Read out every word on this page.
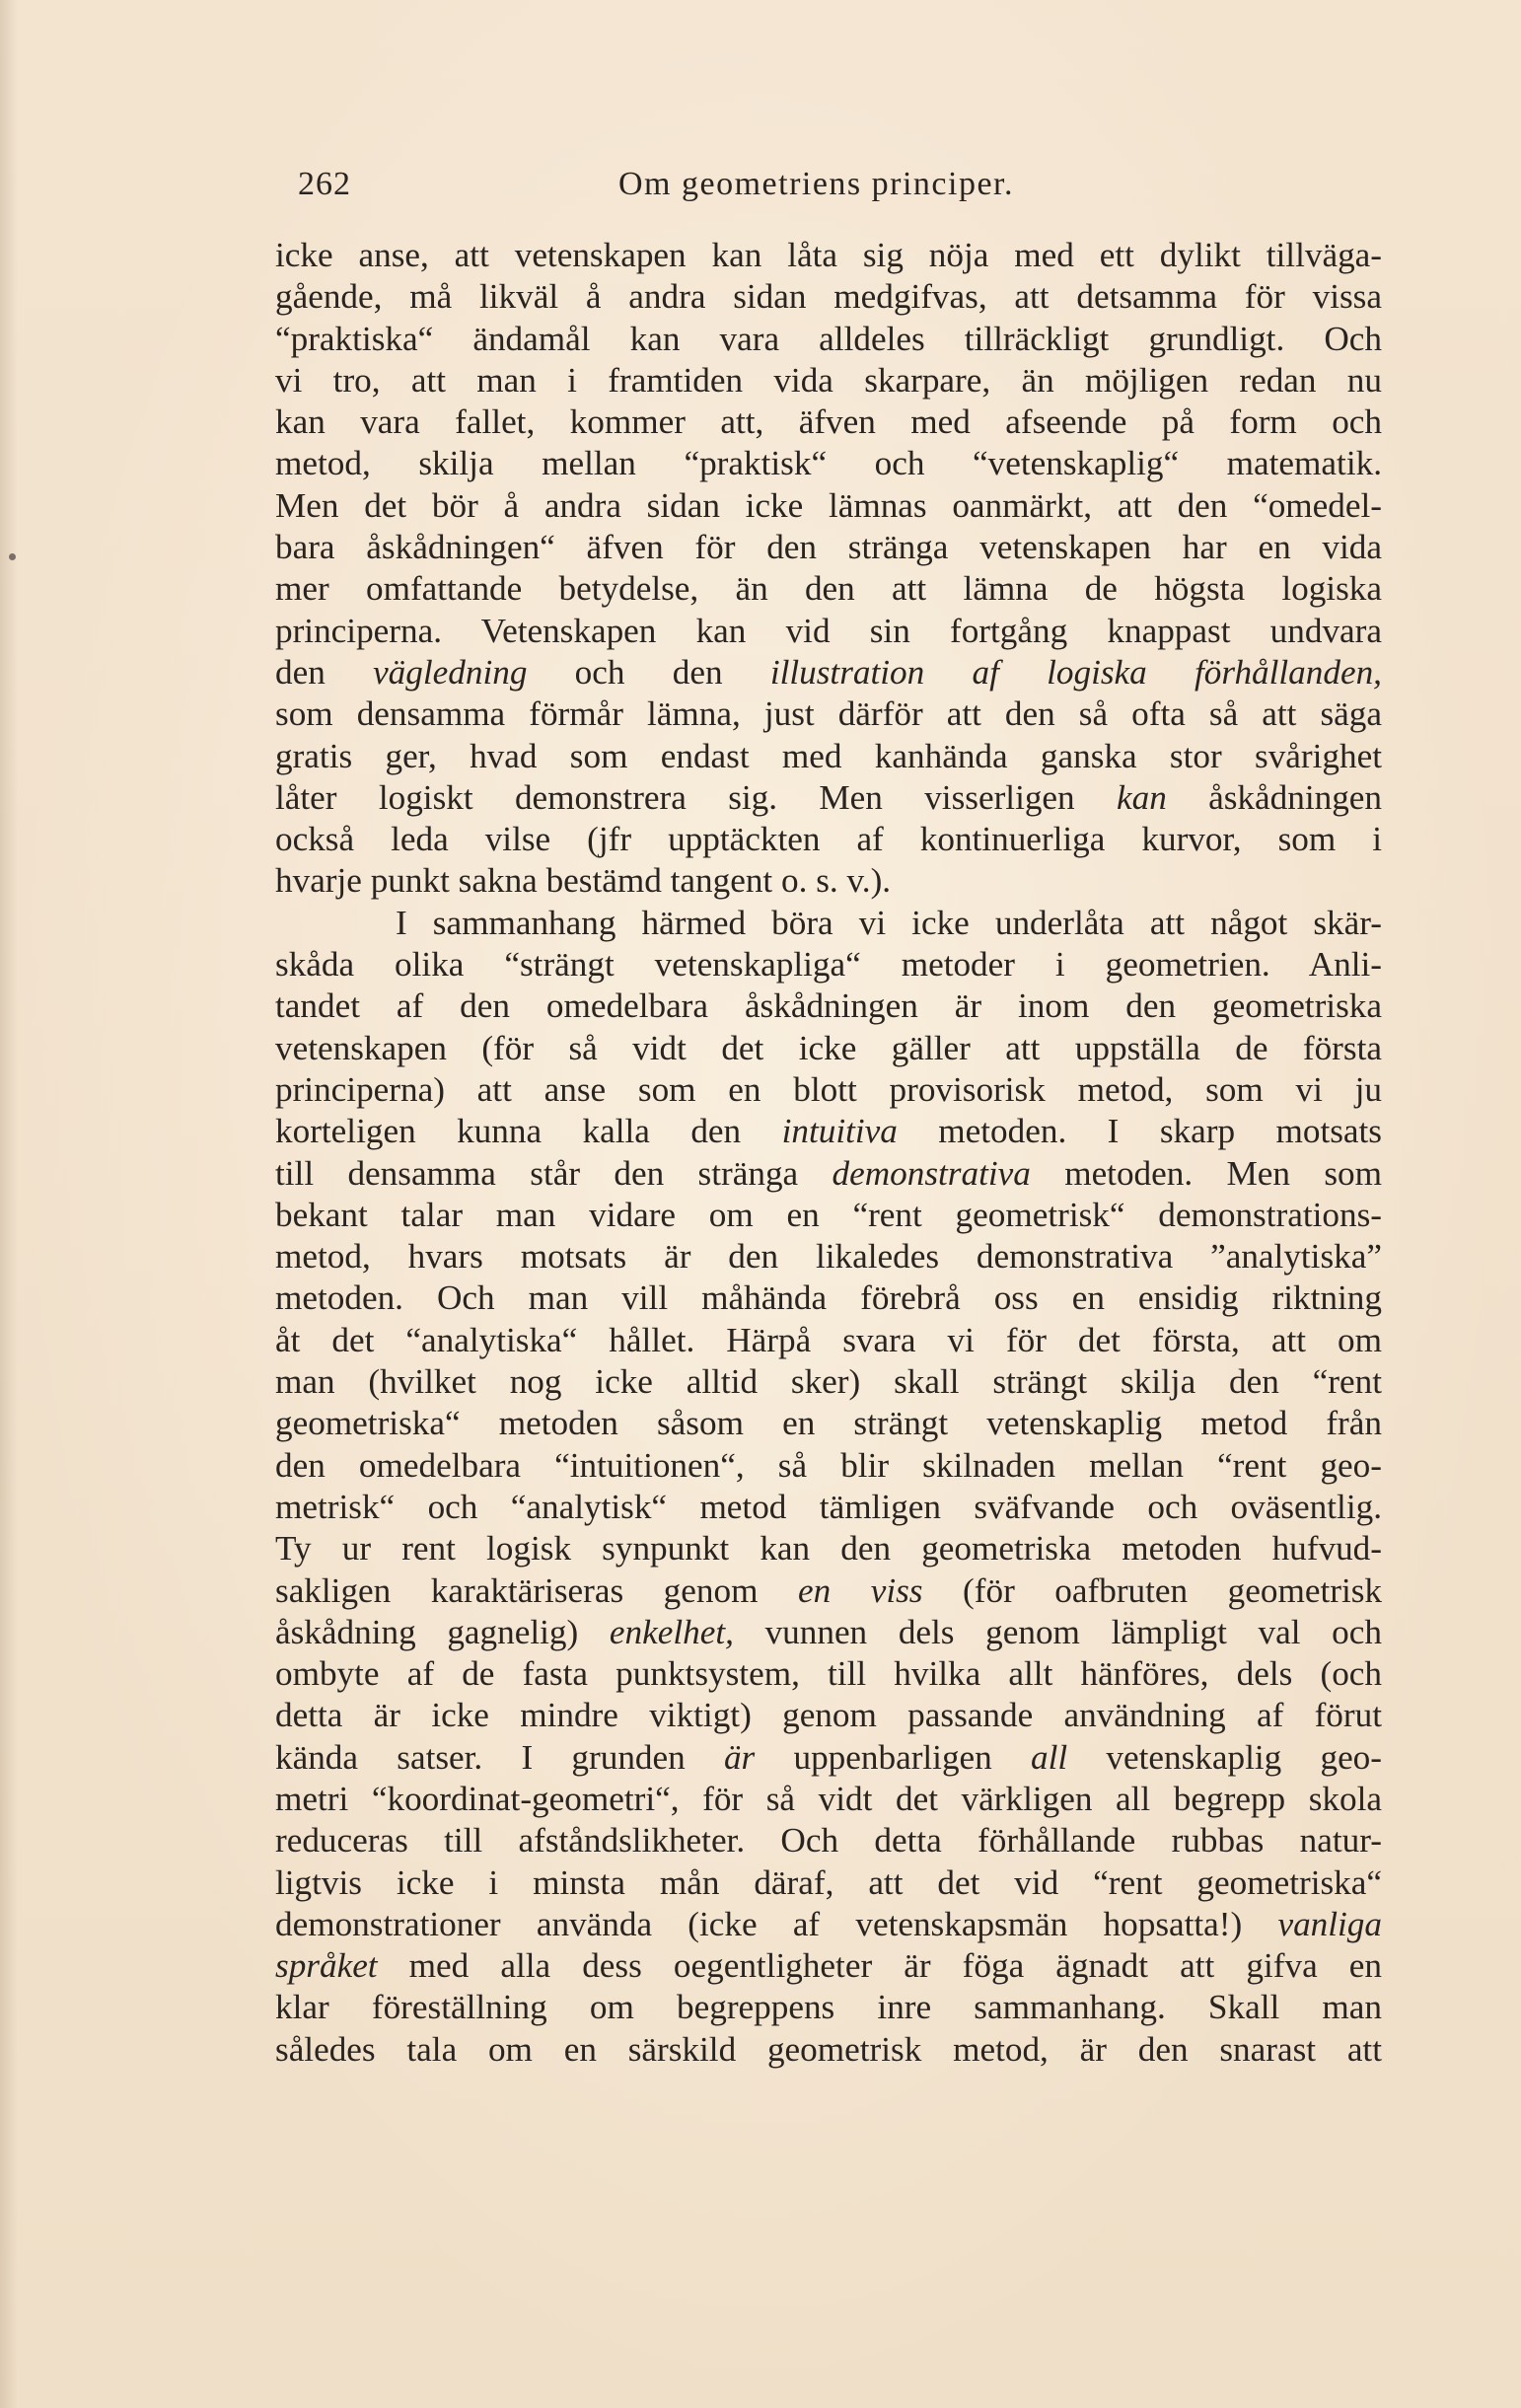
262	Om geometriens principer.
icke anse, att vetenskapen kan låta sig nöja med ett dylikt tillväga-
gående, må likväl å andra sidan medgifvas, att detsamma för vissa
“praktiska“ ändamål kan vara alldeles tillräckligt grundligt. Och
vi tro, att man i framtiden vida skarpare, än möjligen redan nu
kan vara fallet, kommer att, äfven med afseende på form och
metod, skilja mellan “praktisk“ och “vetenskaplig“ matematik.
Men det bör å andra sidan icke lämnas oanmärkt, att den “omedel-
bara åskådningen“ äfven för den stränga vetenskapen har en vida
mer omfattande betydelse, än den att lämna de högsta logiska
principerna. Vetenskapen kan vid sin fortgång knappast undvara
den vägledning och den illustration af logiska förhållanden,
som densamma förmår lämna, just därför att den så ofta så att säga
gratis ger, hvad som endast med kanhända ganska stor svårighet
låter logiskt demonstrera sig. Men visserligen kan åskådningen
också leda vilse (jfr upptäckten af kontinuerliga kurvor, som i
hvarje punkt sakna bestämd tangent o. s. v.).
I sammanhang härmed böra vi icke underlåta att något skär-
skåda olika “strängt vetenskapliga“ metoder i geometrien. Anli-
tandet af den omedelbara åskådningen är inom den geometriska
vetenskapen (för så vidt det icke gäller att uppställa de första
principerna) att anse som en blott provisorisk metod, som vi ju
korteligen kunna kalla den intuitiva metoden. I skarp motsats
till densamma står den stränga demonstrativa metoden. Men som
bekant talar man vidare om en “rent geometrisk“ demonstrations-
metod, hvars motsats är den likaledes demonstrativa ”analytiska”
metoden. Och man vill måhända förebrå oss en ensidig riktning
åt det “analytiska“ hållet. Härpå svara vi för det första, att om
man (hvilket nog icke alltid sker) skall strängt skilja den “rent
geometriska“ metoden såsom en strängt vetenskaplig metod från
den omedelbara “intuitionen“, så blir skilnaden mellan “rent geo-
metrisk“ och “analytisk“ metod tämligen sväfvande och oväsentlig.
Ty ur rent logisk synpunkt kan den geometriska metoden hufvud-
sakligen karaktäriseras genom en viss (för oafbruten geometrisk
åskådning gagnelig) enkelhet, vunnen dels genom lämpligt val och
ombyte af de fasta punktsystem, till hvilka allt hänföres, dels (och
detta är icke mindre viktigt) genom passande användning af förut
kända satser. I grunden är uppenbarligen all vetenskaplig geo-
metri “koordinat-geometri“, för så vidt det värkligen all begrepp skola
reduceras till afståndslikheter. Och detta förhållande rubbas natur-
ligtvis icke i minsta mån däraf, att det vid “rent geometriska“
demonstrationer använda (icke af vetenskapsmän hopsatta!) vanliga
språket med alla dess oegentligheter är föga ägnadt att gifva en
klar föreställning om begreppens inre sammanhang. Skall man
således tala om en särskild geometrisk metod, är den snarast att
